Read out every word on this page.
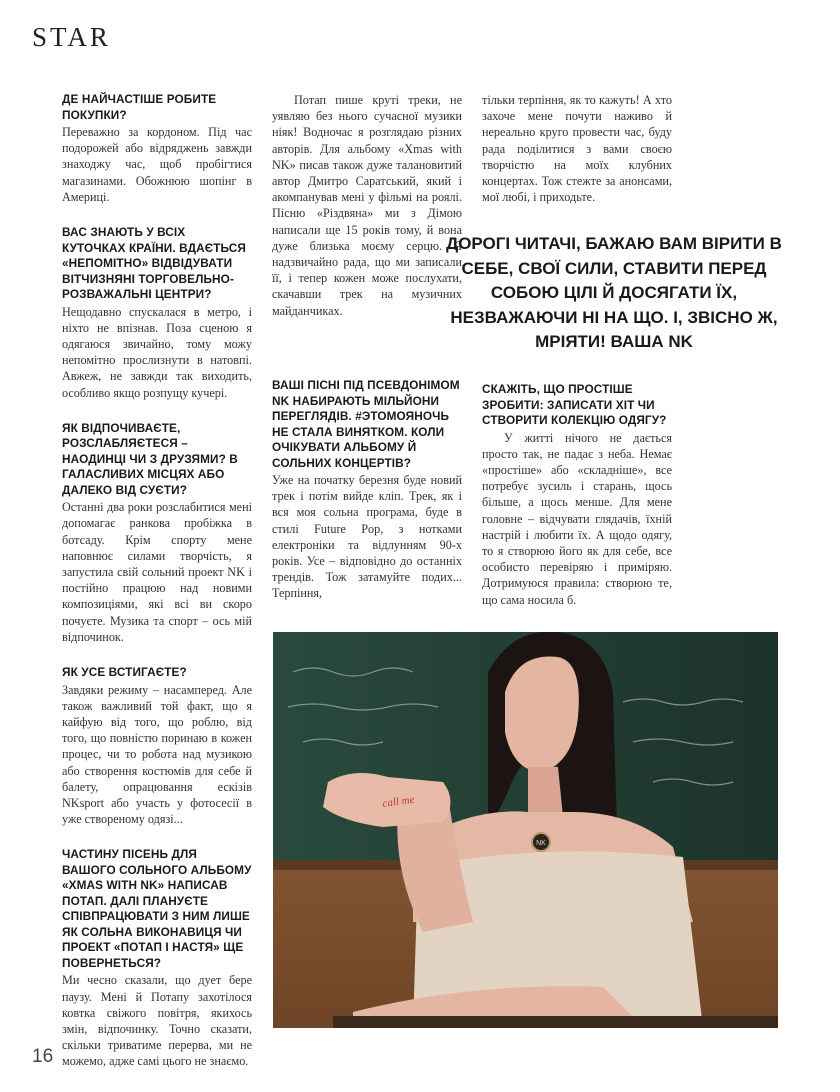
STAR
ДЕ НАЙЧАСТІШЕ РОБИТЕ ПОКУПКИ?
Переважно за кордоном. Під час подорожей або відряджень завжди знаходжу час, щоб пробігтися магазинами. Обожнюю шопінг в Америці.
ВАС ЗНАЮТЬ У ВСІХ КУТОЧКАХ КРАЇНИ. ВДАЄТЬСЯ «НЕПОМІТНО» ВІДВІДУВАТИ ВІТЧИЗНЯНІ ТОРГОВЕЛЬНО-РОЗВАЖАЛЬНІ ЦЕНТРИ?
Нещодавно спускалася в метро, і ніхто не впізнав. Поза сценою я одягаюся звичайно, тому можу непомітно прослизнути в натовпі. Авжеж, не завжди так виходить, особливо якщо розпущу кучері.
ЯК ВІДПОЧИВАЄТЕ, РОЗСЛАБЛЯЄТЕСЯ – НАОДИНЦІ ЧИ З ДРУЗЯМИ? В ГАЛАСЛИВИХ МІСЦЯХ АБО ДАЛЕКО ВІД СУЄТИ?
Останні два роки розслабитися мені допомагає ранкова пробіжка в ботсаду. Крім спорту мене наповнює силами творчість, я запустила свій сольний проект NK і постійно працюю над новими композиціями, які всі ви скоро почуєте. Музика та спорт – ось мій відпочинок.
ЯК УСЕ ВСТИГАЄТЕ?
Завдяки режиму – насамперед. Але також важливий той факт, що я кайфую від того, що роблю, від того, що повністю поринаю в кожен процес, чи то робота над музикою або створення костюмів для себе й балету, опрацювання ескізів NKsport або участь у фотосесії в уже створеному одязі...
ЧАСТИНУ ПІСЕНЬ ДЛЯ ВАШОГО СОЛЬНОГО АЛЬБОМУ «XMAS WITH NK» НАПИСАВ ПОТАП. ДАЛІ ПЛАНУЄТЕ СПІВПРАЦЮВАТИ З НИМ ЛИШЕ ЯК СОЛЬНА ВИКОНАВИЦЯ ЧИ ПРОЕКТ «ПОТАП І НАСТЯ» ЩЕ ПОВЕРНЕТЬСЯ?
Ми чесно сказали, що дует бере паузу. Мені й Потапу захотілося ковтка свіжого повітря, якихось змін, відпочинку. Точно сказати, скільки триватиме перерва, ми не можемо, адже самі цього не знаємо.
Потап пише круті треки, не уявляю без нього сучасної музики ніяк! Водночас я розглядаю різних авторів. Для альбому «Xmas with NK» писав також дуже талановитий автор Дмитро Саратський, який і акомпанував мені у фільмі на роялі. Пісню «Різдвяна» ми з Дімою написали ще 15 років тому, й вона дуже близька моєму серцю. Я надзвичайно рада, що ми записали її, і тепер кожен може послухати, скачавши трек на музичних майданчиках.
ВАШІ ПІСНІ ПІД ПСЕВДОНІМОМ NK НАБИРАЮТЬ МІЛЬЙОНИ ПЕРЕГЛЯДІВ. #ЭТОМОЯНОЧЬ НЕ СТАЛА ВИНЯТКОМ. КОЛИ ОЧІКУВАТИ АЛЬБОМУ Й СОЛЬНИХ КОНЦЕРТІВ?
Уже на початку березня буде новий трек і потім вийде кліп. Трек, як і вся моя сольна програма, буде в стилі Future Pop, з нотками електроніки та відлунням 90-х років. Усе – відповідно до останніх трендів. Тож затамуйте подих... Терпіння,
тільки терпіння, як то кажуть! А хто захоче мене почути наживо й нереально круго провести час, буду рада поділитися з вами своєю творчістю на моїх клубних концертах. Тож стежте за анонсами, мої любі, і приходьте.
ДОРОГІ ЧИТАЧІ, БАЖАЮ ВАМ ВІРИТИ В СЕБЕ, СВОЇ СИЛИ, СТАВИТИ ПЕРЕД СОБОЮ ЦІЛІ Й ДОСЯГАТИ ЇХ, НЕЗВАЖАЮЧИ НІ НА ЩО. І, ЗВІСНО Ж, МРІЯТИ! ВАША NK
СКАЖІТЬ, ЩО ПРОСТІШЕ ЗРОБИТИ: ЗАПИСАТИ ХІТ ЧИ СТВОРИТИ КОЛЕКЦІЮ ОДЯГУ?
У житті нічого не дається просто так, не падає з неба. Немає «простіше» або «складніше», все потребує зусиль і старань, щось більше, а щось менше. Для мене головне – відчувати глядачів, їхній настрій і любити їх. А щодо одягу, то я створюю його як для себе, все особисто перевіряю і приміряю. Дотримуюся правила: створюю те, що сама носила б.
NK
call me
16
